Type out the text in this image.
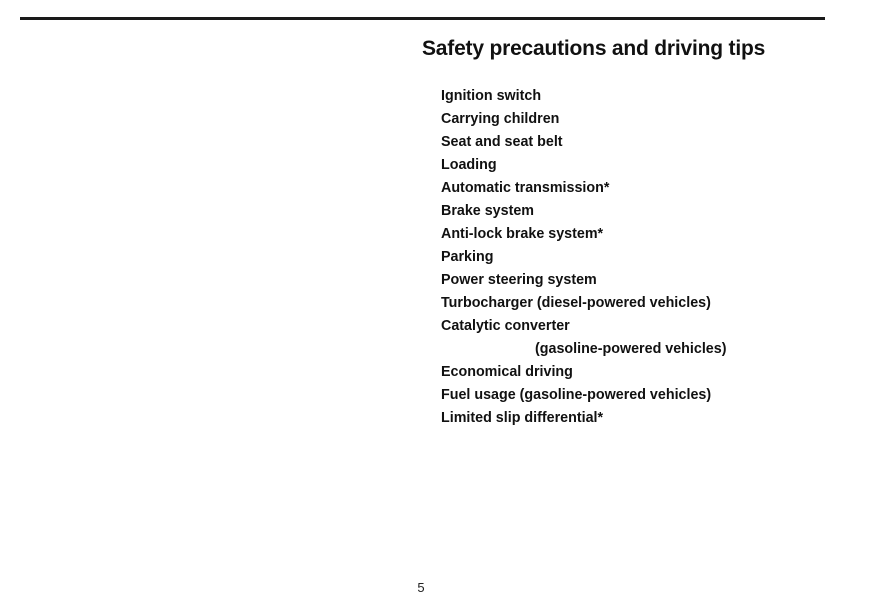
Safety precautions and driving tips
Ignition switch
Carrying children
Seat and seat belt
Loading
Automatic transmission*
Brake system
Anti-lock brake system*
Parking
Power steering system
Turbocharger (diesel-powered vehicles)
Catalytic converter
(gasoline-powered vehicles)
Economical driving
Fuel usage (gasoline-powered vehicles)
Limited slip differential*
5
